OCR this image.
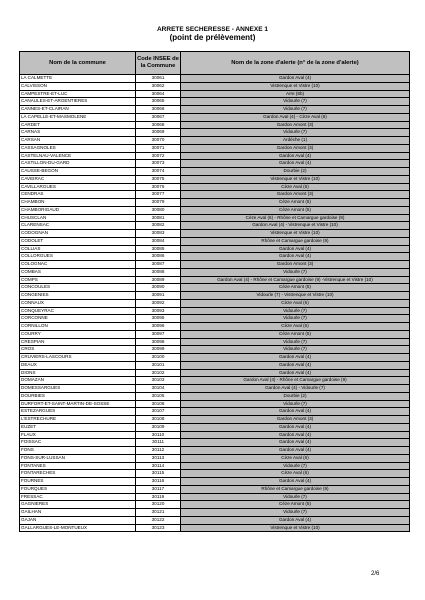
ARRETE SECHERESSE - ANNEXE 1
(point de prélèvement)
Nom de la commune	Code INSEE de la Commune	Nom de la zone d'alerte (n° de la zone d'alerte)
LA CALMETTE	30061	Gardon Aval (4)
CALVISSON	30062	Vistrenque et Vistre (10)
CAMPESTRE-ET-LUC	30064	Arre (8b)
CANAULES-ET-ARGENTIERES	30065	Vidourle (7)
CANNES-ET-CLAIRAN	30066	Vidourle (7)
LA CAPELLE-ET-MASMOLENE	30067	Gardon Aval (4) - Cèze Aval (6)
CARDET	30068	Gardon Amont (3)
CARNAS	30069	Vidourle (7)
CARSAN	30070	Ardèche (1)
CASSAGNOLES	30071	Gardon Amont (3)
CASTELNAU-VALENCE	30072	Gardon Aval (4)
CASTILLON-DU-GARD	30073	Gardon Aval (4)
CAUSSE-BEGON	30074	Dourbie (2)
CAVEIRAC	30075	Vistrenque et Vistre (10)
CAVILLARGUES	30076	Cèze Aval (6)
CENDRAS	30077	Gardon Amont (3)
CHAMBON	30079	Cèze Amont (5)
CHAMBORIGAUD	30080	Cèze Amont (5)
CHUSCLAN	30081	Cèze Aval (6) - Rhône et Camargue gardoise (9)
CLARENSAC	30082	Gardon Aval (4) - Vistrenque et Vistre (10)
CODOGNAN	30083	Vistrenque et Vistre (10)
CODOLET	30084	Rhône et Camargue gardoise (9)
COLLIAS	30085	Gardon Aval (4)
COLLORGUES	30086	Gardon Aval (4)
COLOGNAC	30087	Gardon Amont (3)
COMBAS	30088	Vidourle (7)
COMPS	30089	Gardon Aval (4) - Rhône et Camargue gardoise (9) -Vistrenque et Vistre (10)
CONCOULES	30090	Cèze Amont (5)
CONGENIES	30091	Vidourle (7) - Vistrenque et Vistre (10)
CONNAUX	30092	Cèze Aval (6)
CONQUEYRAC	30093	Vidourle (7)
CORCONNE	30095	Vidourle (7)
CORNILLON	30096	Cèze Aval (6)
COURRY	30097	Cèze Amont (5)
CRESPIAN	30098	Vidourle (7)
CROS	30099	Vidourle (7)
CRUVIERS-LASCOURS	30100	Gardon Aval (4)
DEAUX	30101	Gardon Aval (4)
DIONS	30102	Gardon Aval (4)
DOMAZAN	30103	Gardon Aval (4) - Rhône et Camargue gardoise (9)
DOMESSARGUES	30104	Gardon Aval (4) - Vidourle (7)
DOURBIES	30105	Dourbie (2)
DURFORT-ET-SAINT-MARTIN-DE-SOSSE	30106	Vidourle (7)
ESTEZARGUES	30107	Gardon Aval (4)
L'ESTRECHURE	30108	Gardon Amont (3)
EUZET	30109	Gardon Aval (4)
FLAUX	30110	Gardon Aval (4)
FOISSAC	30111	Gardon Aval (4)
FONS	30112	Gardon Aval (4)
FONS-SUR-LUSSAN	30113	Cèze Aval (6)
FONTANES	30114	Vidourle (7)
FONTARECHES	30115	Cèze Aval (6)
FOURNES	30116	Gardon Aval (4)
FOURQUES	30117	Rhône et Camargue gardoise (9)
FRESSAC	30119	Vidourle (7)
GAGNIERES	30120	Cèze Amont (5)
GAILHAN	30121	Vidourle (7)
GAJAN	30122	Gardon Aval (4)
GALLARGUES-LE-MONTUEUX	30123	Vistrenque et Vistre (10)
2/6
